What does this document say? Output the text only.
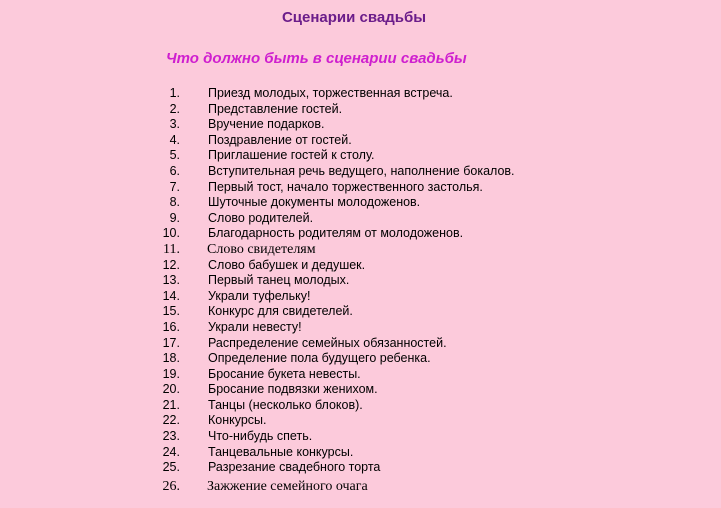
Сценарии свадьбы
Что должно быть в сценарии свадьбы
1. Приезд молодых, торжественная встреча.
2. Представление гостей.
3. Вручение подарков.
4. Поздравление от гостей.
5. Приглашение гостей к столу.
6. Вступительная речь ведущего, наполнение бокалов.
7. Первый тост, начало торжественного застолья.
8. Шуточные документы молодоженов.
9. Слово родителей.
10. Благодарность родителям от молодоженов.
11. Слово свидетелям
12. Слово бабушек и дедушек.
13. Первый танец молодых.
14. Украли туфельку!
15. Конкурс для свидетелей.
16. Украли невесту!
17. Распределение семейных обязанностей.
18. Определение пола будущего ребенка.
19. Бросание букета невесты.
20. Бросание подвязки женихом.
21. Танцы (несколько блоков).
22. Конкурсы.
23. Что-нибудь спеть.
24. Танцевальные конкурсы.
25. Разрезание свадебного торта
26. Зажжение семейного очага
